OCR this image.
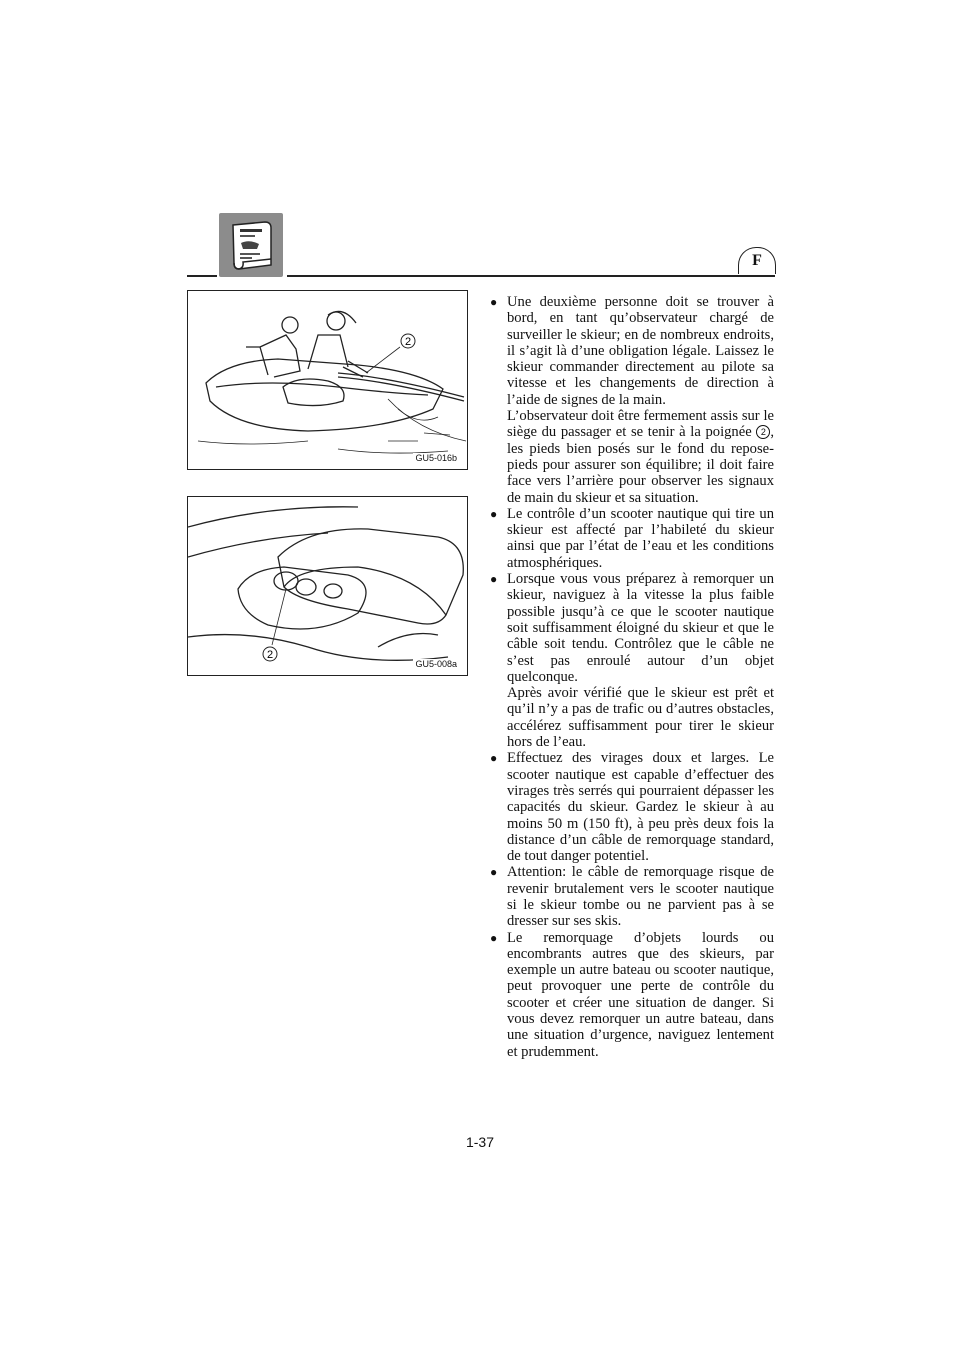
F
2
GU5-016b
2
GU5-008a

● Une deuxième personne doit se trouver à bord, en tant qu’observateur chargé de surveiller le skieur; en de nombreux endroits, il s’agit là d’une obligation légale. Laissez le skieur commander directement au pilote sa vitesse et les changements de direction à l’aide de signes de la main.

L’observateur doit être fermement assis sur le siège du passager et se tenir à la poignée 2 , les pieds bien posés sur le fond du repose-pieds pour assurer son équilibre; il doit faire face vers l’arrière pour observer les signaux de main du skieur et sa situation.

● Le contrôle d’un scooter nautique qui tire un skieur est affecté par l’habileté du skieur ainsi que par l’état de l’eau et les conditions atmosphériques.

● Lorsque vous vous préparez à remorquer un skieur, naviguez à la vitesse la plus faible possible jusqu’à ce que le scooter nautique soit suffisamment éloigné du skieur et que le câble soit tendu. Contrôlez que le câble ne s’est pas enroulé autour d’un objet quelconque.

Après avoir vérifié que le skieur est prêt et qu’il n’y a pas de trafic ou d’autres obstacles, accélérez suffisamment pour tirer le skieur hors de l’eau.

● Effectuez des virages doux et larges. Le scooter nautique est capable d’effectuer des virages très serrés qui pourraient dépasser les capacités du skieur. Gardez le skieur à au moins 50 m (150 ft), à peu près deux fois la distance d’un câble de remorquage standard, de tout danger potentiel.

● Attention: le câble de remorquage risque de revenir brutalement vers le scooter nautique si le skieur tombe ou ne parvient pas à se dresser sur ses skis.

● Le remorquage d’objets lourds ou encombrants autres que des skieurs, par exemple un autre bateau ou scooter nautique, peut provoquer une perte de contrôle du scooter et créer une situation de danger. Si vous devez remorquer un autre bateau, dans une situation d’urgence, naviguez lentement et prudemment.

1-37
